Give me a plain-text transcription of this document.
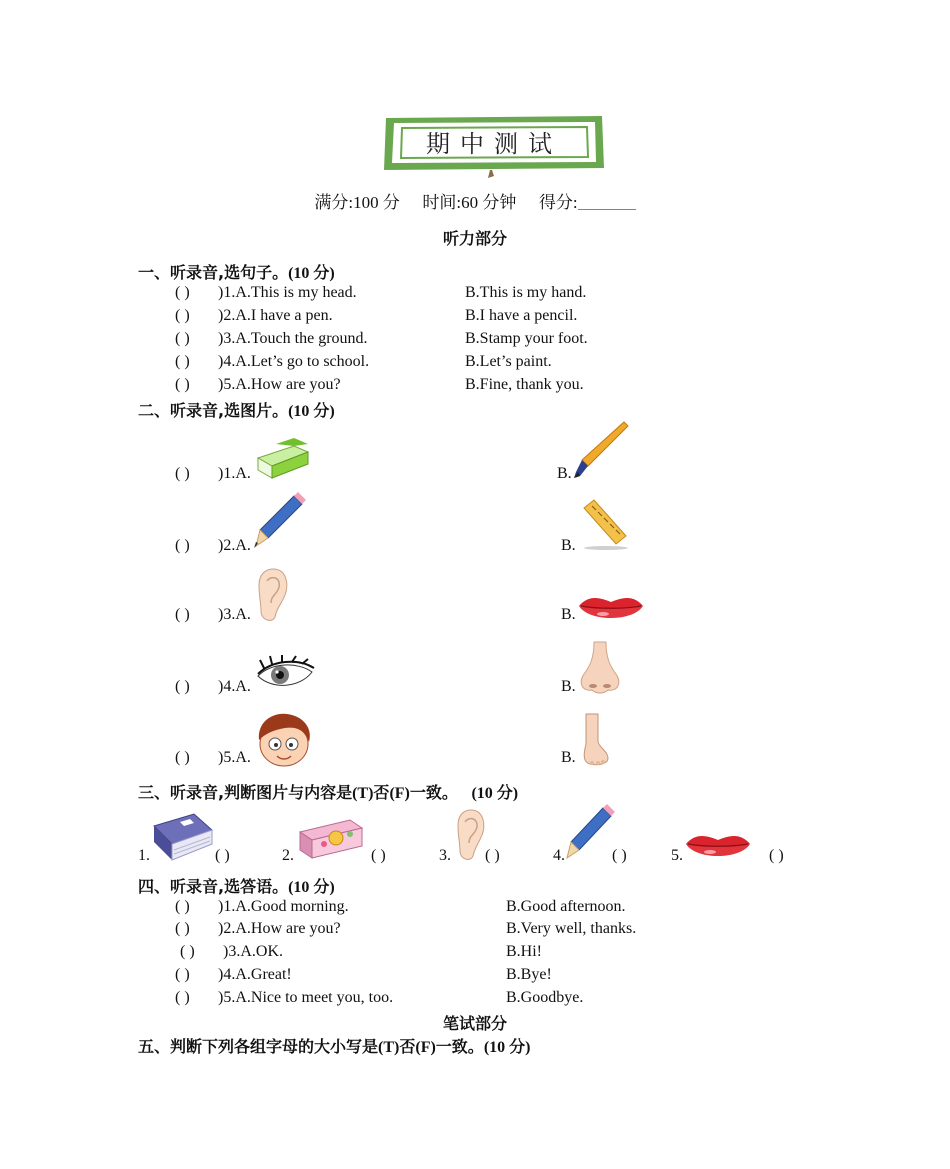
期中测试
满分:100 分 时间:60 分钟 得分:
听力部分
一、听录音,选句子。(10 分)
( ) )1.A.This is my head.	B.This is my hand.
( ) )2.A.I have a pen.	B.I have a pencil.
( ) )3.A.Touch the ground.	B.Stamp your foot.
( ) )4.A.Let’s go to school.	B.Let’s paint.
( ) )5.A.How are you?	B.Fine, thank you.
二、听录音,选图片。(10 分)
( ) )1.A.	B.
( ) )2.A.	B.
( ) )3.A.	B.
( ) )4.A.	B.
( ) )5.A.	B.
三、听录音,判断图片与内容是(T)否(F)一致。 (10 分)
1.	( )	2.	( )	3. ( )	4.	( )	5.	( )
四、听录音,选答语。(10 分)
( ) )1.A.Good morning.	B.Good afternoon.
( ) )2.A.How are you?	B.Very well, thanks.
( ) )3.A.OK.	B.Hi!
( ) )4.A.Great!	B.Bye!
( ) )5.A.Nice to meet you, too.	B.Goodbye.
笔试部分
五、判断下列各组字母的大小写是(T)否(F)一致。(10 分)
